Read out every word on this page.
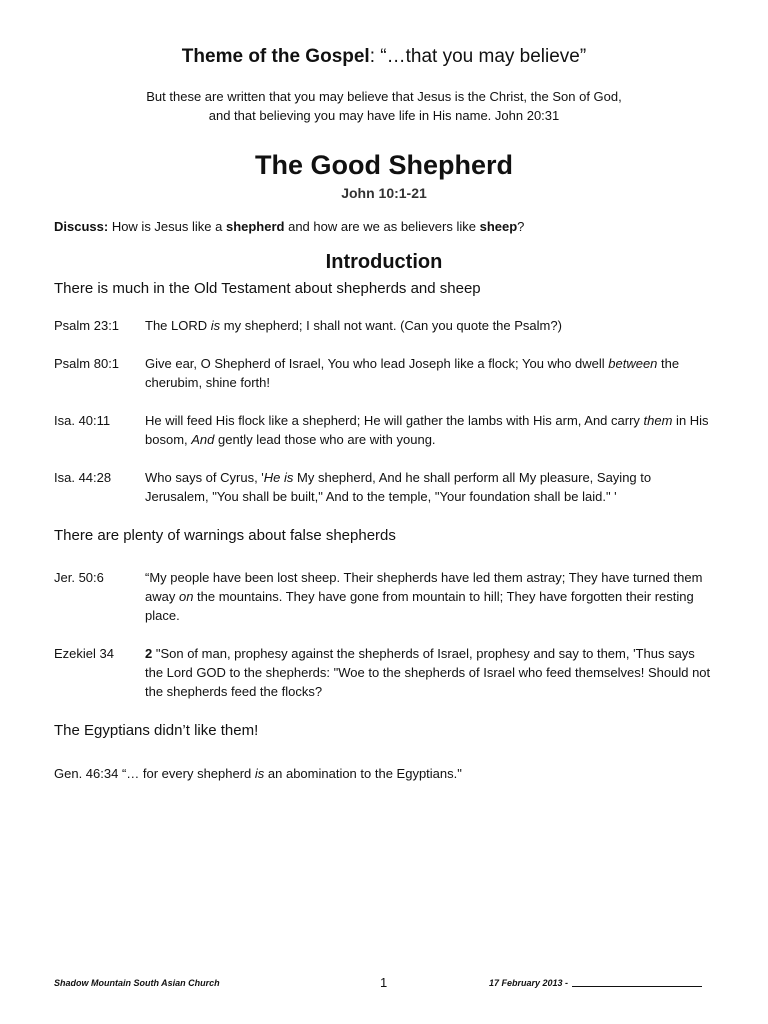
Theme of the Gospel: “…that you may believe”
But these are written that you may believe that Jesus is the Christ, the Son of God,
and that believing you may have life in His name. John 20:31
The Good Shepherd
John 10:1-21
Discuss: How is Jesus like a shepherd and how are we as believers like sheep?
Introduction
There is much in the Old Testament about shepherds and sheep
Psalm 23:1 The LORD is my shepherd; I shall not want. (Can you quote the Psalm?)
Psalm 80:1 Give ear, O Shepherd of Israel, You who lead Joseph like a flock; You who dwell between the cherubim, shine forth!
Isa. 40:11	He will feed His flock like a shepherd; He will gather the lambs with His arm, And carry them in His bosom, And gently lead those who are with young.
Isa. 44:28	Who says of Cyrus, 'He is My shepherd, And he shall perform all My pleasure, Saying to Jerusalem, "You shall be built," And to the temple, "Your foundation shall be laid." '
There are plenty of warnings about false shepherds
Jer. 50:6	“My people have been lost sheep. Their shepherds have led them astray; They have turned them away on the mountains. They have gone from mountain to hill; They have forgotten their resting place.
Ezekiel 34 2 "Son of man, prophesy against the shepherds of Israel, prophesy and say to them, 'Thus says the Lord GOD to the shepherds: "Woe to the shepherds of Israel who feed themselves! Should not the shepherds feed the flocks?
The Egyptians didn’t like them!
Gen. 46:34 “… for every shepherd is an abomination to the Egyptians."
Shadow Mountain South Asian Church	1	17 February 2013 -
